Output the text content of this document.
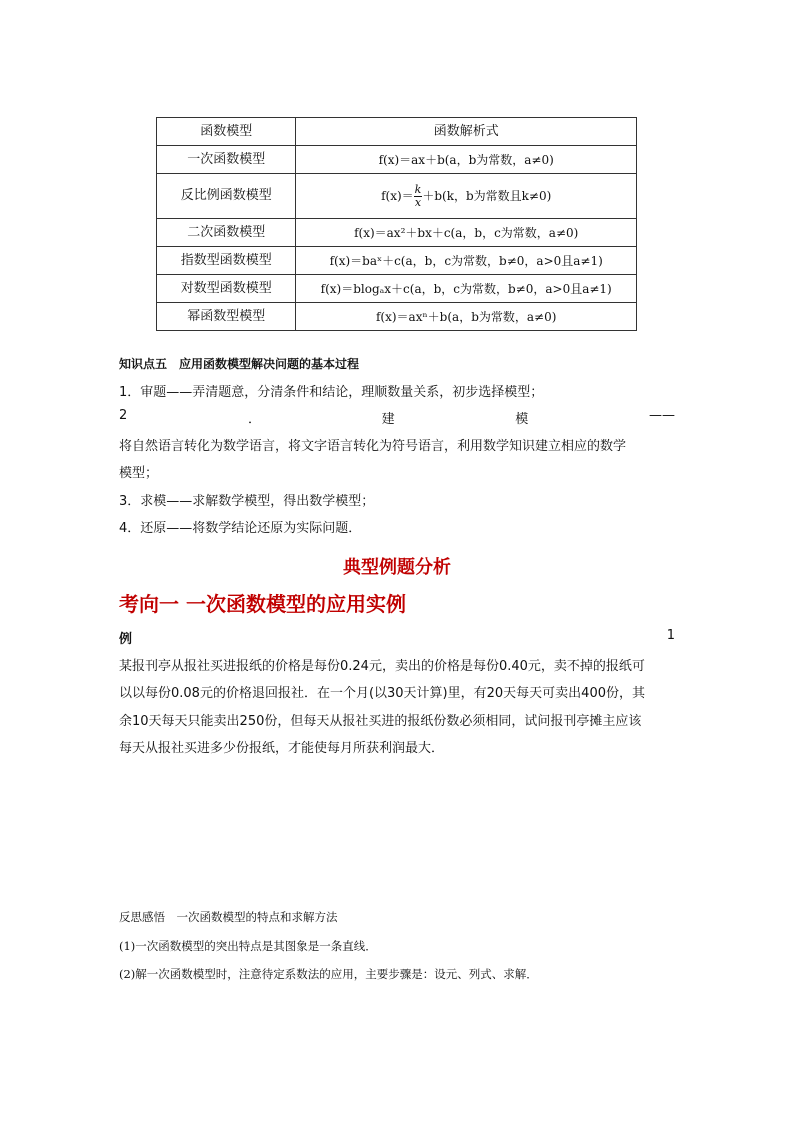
函数模型	函数解析式
一次函数模型	f(x)＝ax＋b(a，b为常数，a≠0)
反比例函数模型	$f(x)= \frac{k}{x} +b(k$，b为常数且k≠0)
二次函数模型	f(x)＝ax²＋bx＋c(a，b，c为常数，a≠0)
指数型函数模型	f(x)＝baˣ＋c(a，b，c为常数，b≠0，a>0且a≠1)
对数型函数模型	f(x)＝blogₐx＋c(a，b，c为常数，b≠0，a>0且a≠1)
幂函数型模型	f(x)＝axⁿ＋b(a，b为常数，a≠0)
知识点五　应用函数模型解决问题的基本过程
1．审题——弄清题意，分清条件和结论，理顺数量关系，初步选择模型；
2	．	建	模	——
将自然语言转化为数学语言，将文字语言转化为符号语言，利用数学知识建立相应的数学
模型；
3．求模——求解数学模型，得出数学模型；
4．还原——将数学结论还原为实际问题．
典型例题分析
考向一 一次函数模型的应用实例
例	1
某报刊亭从报社买进报纸的价格是每份0.24元，卖出的价格是每份0.40元，卖不掉的报纸可
以以每份0.08元的价格退回报社．在一个月(以30天计算)里，有20天每天可卖出400份，其
余10天每天只能卖出250份，但每天从报社买进的报纸份数必须相同，试问报刊亭摊主应该
每天从报社买进多少份报纸，才能使每月所获利润最大．
反思感悟　一次函数模型的特点和求解方法
(1)一次函数模型的突出特点是其图象是一条直线．
(2)解一次函数模型时，注意待定系数法的应用，主要步骤是：设元、列式、求解．
